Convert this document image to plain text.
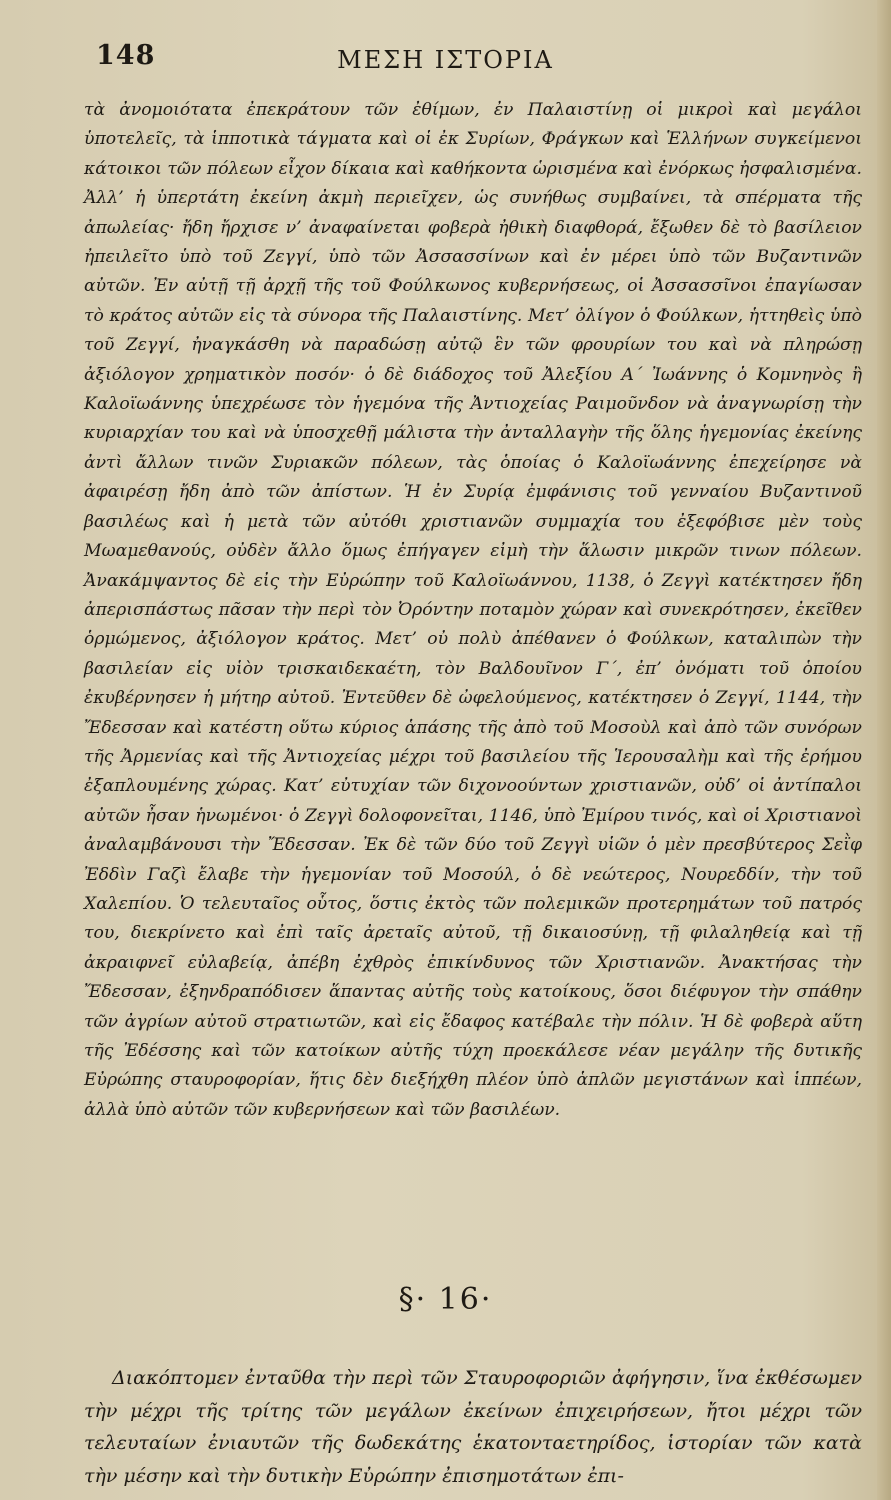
148	ΜΕΣΗ ΙΣΤΟΡΙΑ

τὰ ἀνομοιότατα ἐπεκράτουν τῶν ἐθίμων, ἐν Παλαιστίνῃ οἱ μικροὶ καὶ μεγάλοι ὑποτελεῖς, τὰ ἱπποτικὰ τάγματα καὶ οἱ ἐκ Συρίων, Φράγκων καὶ Ἑλλήνων συγκείμενοι κάτοικοι τῶν πόλεων εἶχον δίκαια καὶ καθήκοντα ὡρισμένα καὶ ἐνόρκως ἠσφαλισμένα. Ἀλλ’ ἡ ὑπερτάτη ἐκείνη ἀκμὴ περιεῖχεν, ὡς συνήθως συμβαίνει, τὰ σπέρματα τῆς ἀπωλείας· ἤδη ἤρχισε ν’ ἀναφαίνεται φοβερὰ ἠθικὴ διαφθορά, ἔξωθεν δὲ τὸ βασίλειον ἠπειλεῖτο ὑπὸ τοῦ Ζεγγί, ὑπὸ τῶν Ἀσσασσίνων καὶ ἐν μέρει ὑπὸ τῶν Βυζαντινῶν αὐτῶν. Ἐν αὐτῇ τῇ ἀρχῇ τῆς τοῦ Φούλκωνος κυβερνήσεως, οἱ Ἀσσασσῖνοι ἐπαγίωσαν τὸ κράτος αὐτῶν εἰς τὰ σύνορα τῆς Παλαιστίνης. Μετ’ ὀλίγον ὁ Φούλκων, ἡττηθεὶς ὑπὸ τοῦ Ζεγγί, ἠναγκάσθη νὰ παραδώσῃ αὐτῷ ἓν τῶν φρουρίων του καὶ νὰ πληρώσῃ ἀξιόλογον χρηματικὸν ποσόν· ὁ δὲ διάδοχος τοῦ Ἀλεξίου Α΄ Ἰωάννης ὁ Κομνηνὸς ἢ Καλοϊωάννης ὑπεχρέωσε τὸν ἡγεμόνα τῆς Ἀντιοχείας Ραιμοῦνδον νὰ ἀναγνωρίσῃ τὴν κυριαρχίαν του καὶ νὰ ὑποσχεθῇ μάλιστα τὴν ἀνταλλαγὴν τῆς ὅλης ἡγεμονίας ἐκείνης ἀντὶ ἄλλων τινῶν Συριακῶν πόλεων, τὰς ὁποίας ὁ Καλοϊωάννης ἐπεχείρησε νὰ ἀφαιρέσῃ ἤδη ἀπὸ τῶν ἀπίστων. Ἡ ἐν Συρίᾳ ἐμφάνισις τοῦ γενναίου Βυζαντινοῦ βασιλέως καὶ ἡ μετὰ τῶν αὐτόθι χριστιανῶν συμμαχία του ἐξεφόβισε μὲν τοὺς Μωαμεθανούς, οὐδὲν ἄλλο ὅμως ἐπήγαγεν εἰμὴ τὴν ἅλωσιν μικρῶν τινων πόλεων. Ἀνακάμψαντος δὲ εἰς τὴν Εὐρώπην τοῦ Καλοϊωάννου, 1138, ὁ Ζεγγὶ κατέκτησεν ἤδη ἀπερισπάστως πᾶσαν τὴν περὶ τὸν Ὀρόντην ποταμὸν χώραν καὶ συνεκρότησεν, ἐκεῖθεν ὁρμώμενος, ἀξιόλογον κράτος. Μετ’ οὐ πολὺ ἀπέθανεν ὁ Φούλκων, καταλιπὼν τὴν βασιλείαν εἰς υἱὸν τρισκαιδεκαέτη, τὸν Βαλδουῖνον Γ΄, ἐπ’ ὀνόματι τοῦ ὁποίου ἐκυβέρνησεν ἡ μήτηρ αὐτοῦ. Ἐντεῦθεν δὲ ὠφελούμενος, κατέκτησεν ὁ Ζεγγί, 1144, τὴν Ἔδεσσαν καὶ κατέστη οὕτω κύριος ἁπάσης τῆς ἀπὸ τοῦ Μοσοὺλ καὶ ἀπὸ τῶν συνόρων τῆς Ἀρμενίας καὶ τῆς Ἀντιοχείας μέχρι τοῦ βασιλείου τῆς Ἱερουσαλὴμ καὶ τῆς ἐρήμου ἐξαπλουμένης χώρας. Κατ’ εὐτυχίαν τῶν διχονοούντων χριστιανῶν, οὐδ’ οἱ ἀντίπαλοι αὐτῶν ἦσαν ἡνωμένοι· ὁ Ζεγγὶ δολοφονεῖται, 1146, ὑπὸ Ἐμίρου τινός, καὶ οἱ Χριστιανοὶ ἀναλαμβάνουσι τὴν Ἔδεσσαν. Ἐκ δὲ τῶν δύο τοῦ Ζεγγὶ υἱῶν ὁ μὲν πρεσβύτερος Σεῒφ Ἐδδὶν Γαζὶ ἔλαβε τὴν ἡγεμονίαν τοῦ Μοσούλ, ὁ δὲ νεώτερος, Νουρεδδίν, τὴν τοῦ Χαλεπίου. Ὁ τελευταῖος οὗτος, ὅστις ἐκτὸς τῶν πολεμικῶν προτερημάτων τοῦ πατρός του, διεκρίνετο καὶ ἐπὶ ταῖς ἀρεταῖς αὐτοῦ, τῇ δικαιοσύνῃ, τῇ φιλαληθείᾳ καὶ τῇ ἀκραιφνεῖ εὐλαβείᾳ, ἀπέβη ἐχθρὸς ἐπικίνδυνος τῶν Χριστιανῶν. Ἀνακτήσας τὴν Ἔδεσσαν, ἐξηνδραπόδισεν ἅπαντας αὐτῆς τοὺς κατοίκους, ὅσοι διέφυγον τὴν σπάθην τῶν ἀγρίων αὐτοῦ στρατιωτῶν, καὶ εἰς ἔδαφος κατέβαλε τὴν πόλιν. Ἡ δὲ φοβερὰ αὕτη τῆς Ἐδέσσης καὶ τῶν κατοίκων αὐτῆς τύχη προεκάλεσε νέαν μεγάλην τῆς δυτικῆς Εὐρώπης σταυροφορίαν, ἥτις δὲν διεξήχθη πλέον ὑπὸ ἁπλῶν μεγιστάνων καὶ ἱππέων, ἀλλὰ ὑπὸ αὐτῶν τῶν κυβερνήσεων καὶ τῶν βασιλέων.

§· 16·

Διακόπτομεν ἐνταῦθα τὴν περὶ τῶν Σταυροφοριῶν ἀφήγησιν, ἵνα ἐκθέσωμεν τὴν μέχρι τῆς τρίτης τῶν μεγάλων ἐκείνων ἐπιχειρήσεων, ἤτοι μέχρι τῶν τελευταίων ἐνιαυτῶν τῆς δωδεκάτης ἑκατονταετηρίδος, ἱστορίαν τῶν κατὰ τὴν μέσην καὶ τὴν δυτικὴν Εὐρώπην ἐπισημοτάτων ἐπι-
